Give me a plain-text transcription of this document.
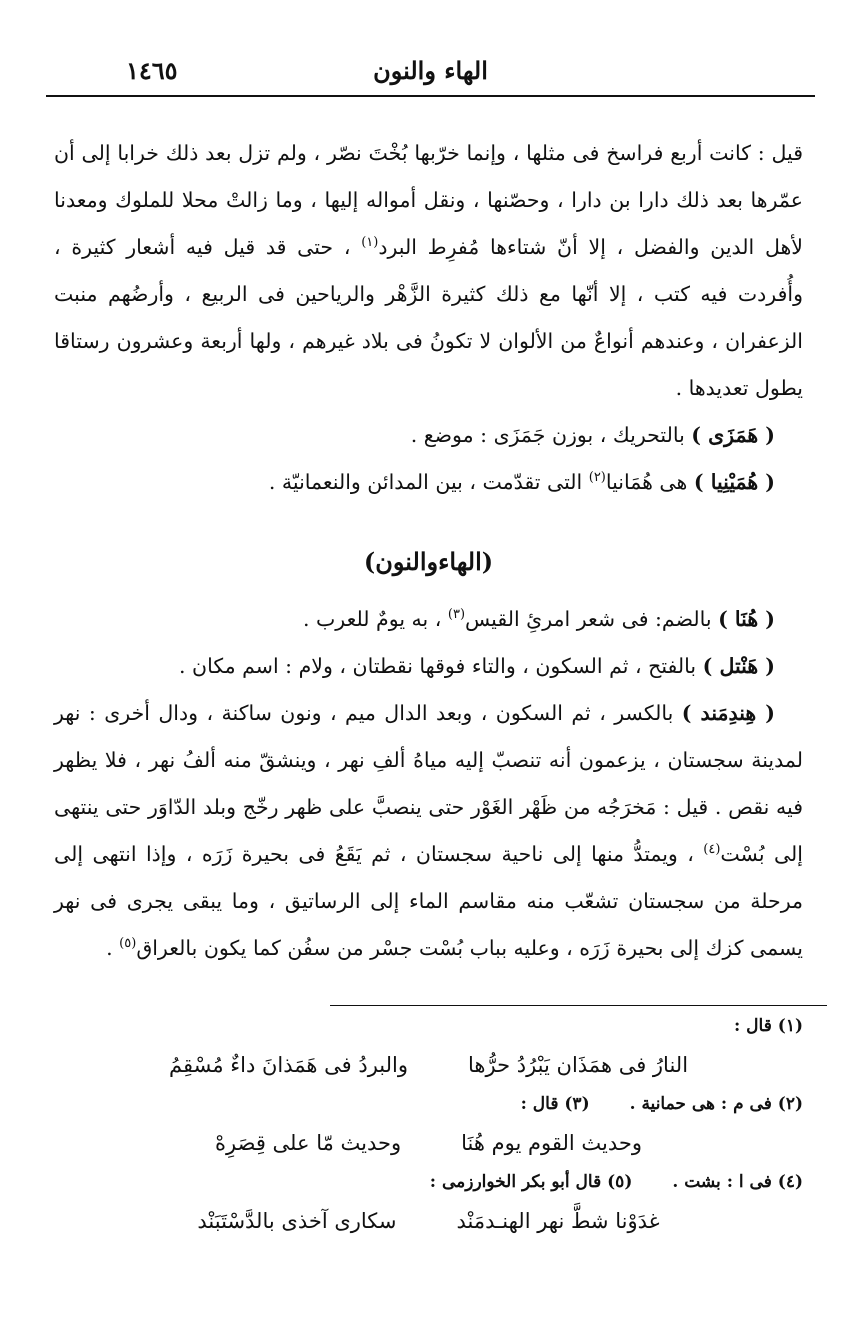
الهاء والنون
١٤٦٥

قيل : كانت أربع فراسخ فى مثلها ، وإنما خرّبها بُخْتَ نصّر ، ولم تزل بعد ذلك خرابا إلى أن عمّرها بعد ذلك دارا بن دارا ، وحصّنها ، ونقل أمواله إليها ، وما زالتْ محلا للملوك ومعدنا لأهل الدين والفضل ، إلا أنّ شتاءها مُفرِط البرد$^{(١)}$ ، حتى قد قيل فيه أشعار كثيرة ، وأُفردت فيه كتب ، إلا أنّها مع ذلك كثيرة الزَّهْر والرياحين فى الربيع ، وأرضُهم منبت الزعفران ، وعندهم أنواعٌ من الألوان لا تكونُ فى بلاد غيرهم ، ولها أربعة وعشرون رستاقا يطول تعديدها .

( هَمَزَى ) بالتحريك ، بوزن جَمَزَى : موضع .

( هُمَيْنِيا ) هى هُمَانيا$^{(٢)}$ التى تقدّمت ، بين المدائن والنعمانيّة .

(الهاءوالنون)

( هُنَا ) بالضم: فى شعر امرئِ القيس$^{(٣)}$ ، به يومٌ للعرب .

( هَنْتل ) بالفتح ، ثم السكون ، والتاء فوقها نقطتان ، ولام : اسم مكان .

( هِندِمَند ) بالكسر ، ثم السكون ، وبعد الدال ميم ، ونون ساكنة ، ودال أخرى : نهر لمدينة سجستان ، يزعمون أنه تنصبّ إليه مياهُ ألفِ نهر ، وينشقّ منه ألفُ نهر ، فلا يظهر فيه نقص . قيل : مَخرَجُه من ظَهْر الغَوْر حتى ينصبَّ على ظهر رخّج وبلد الدّاوَر حتى ينتهى إلى بُسْت$^{(٤)}$ ، ويمتدُّ منها إلى ناحية سجستان ، ثم يَقَعُ فى بحيرة زَرَه ، وإذا انتهى إلى مرحلة من سجستان تشعّب منه مقاسم الماء إلى الرساتيق ، وما يبقى يجرى فى نهر يسمى كزك إلى بحيرة زَرَه ، وعليه بباب بُسْت جسْر من سفُن كما يكون بالعراق$^{(٥)}$ .

(١) قال :

النارُ فى همَذَان يَبْرُدُ حرُّها
والبردُ فى هَمَذانَ داءٌ مُسْقِمُ
(٢) فى م : هى حمانية .
(٣) قال :
وحديث القوم يوم هُنَا
وحديث مّا على قِصَرِهْ
(٤) فى ا : بشت .
(٥) قال أبو بكر الخوارزمى :
غدَوْنا شطَّ نهر الهنـدمَنْد
سكارى آخذى بالدَّسْتَبَنْد
